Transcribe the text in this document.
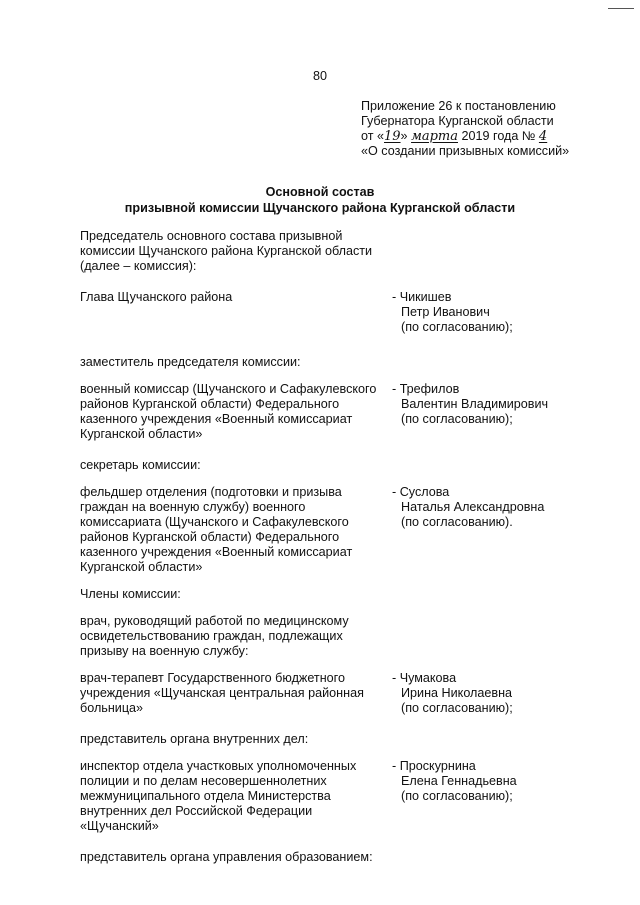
80
Приложение 26 к постановлению
Губернатора Курганской области
от «19» марта 2019 года № 4
«О создании призывных комиссий»
Основной состав
призывной комиссии Щучанского района Курганской области
Председатель основного состава призывной
комиссии Щучанского района Курганской области
(далее – комиссия):
Глава Щучанского района	- Чикишев
Петр Иванович
(по согласованию);
заместитель председателя комиссии:
военный комиссар (Щучанского и Сафакулевского
районов Курганской области) Федерального
казенного учреждения «Военный комиссариат
Курганской области»
- Трефилов
Валентин Владимирович
(по согласованию);
секретарь комиссии:
фельдшер отделения (подготовки и призыва
граждан на военную службу) военного
комиссариата (Щучанского и Сафакулевского
районов Курганской области) Федерального
казенного учреждения «Военный комиссариат
Курганской области»
- Суслова
Наталья Александровна
(по согласованию).
Члены комиссии:
врач, руководящий работой по медицинскому
освидетельствованию граждан, подлежащих
призыву на военную службу:
врач-терапевт Государственного бюджетного
учреждения «Щучанская центральная районная
больница»
- Чумакова
Ирина Николаевна
(по согласованию);
представитель органа внутренних дел:
инспектор отдела участковых уполномоченных
полиции и по делам несовершеннолетних
межмуниципального отдела Министерства
внутренних дел Российской Федерации
«Щучанский»
- Проскурнина
Елена Геннадьевна
(по согласованию);
представитель органа управления образованием:
